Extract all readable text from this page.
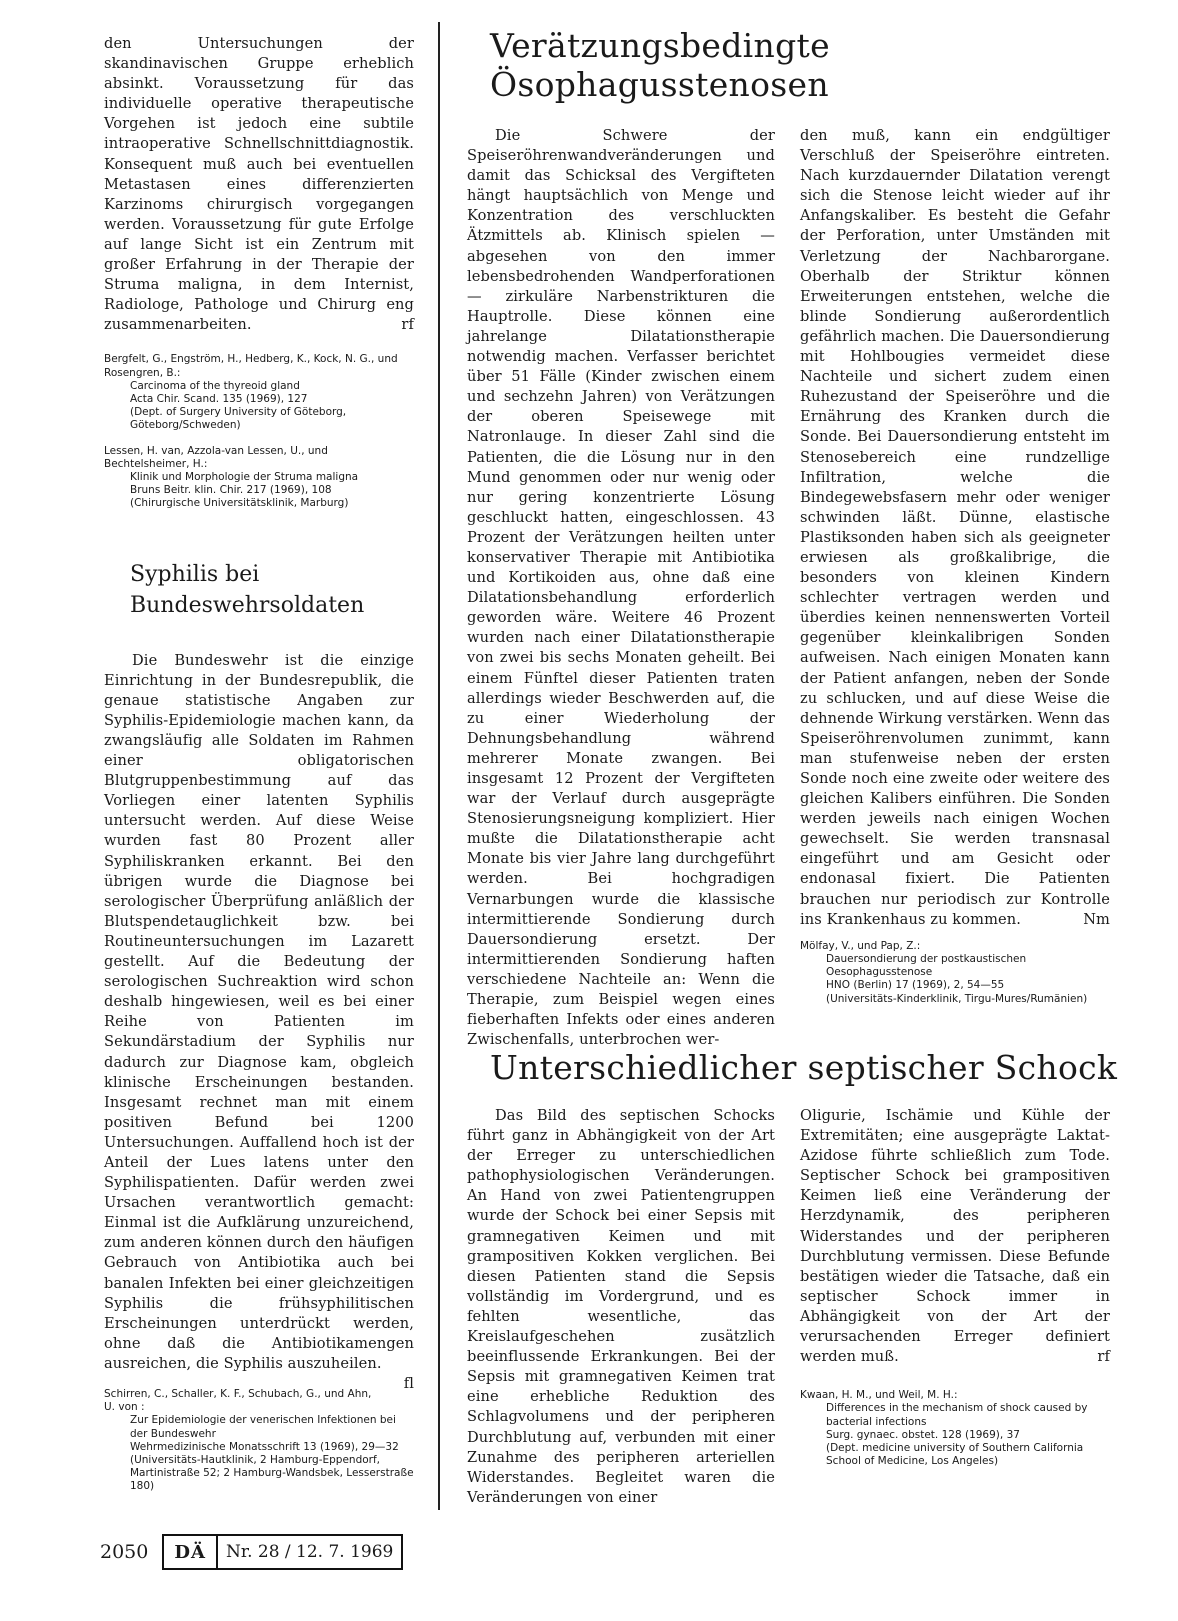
den Untersuchungen der skandinavischen Gruppe erheblich absinkt. Voraussetzung für das individuelle operative therapeutische Vorgehen ist jedoch eine subtile intraoperative Schnellschnittdiagnostik. Konsequent muß auch bei eventuellen Metastasen eines differenzierten Karzinoms chirurgisch vorgegangen werden. Voraussetzung für gute Erfolge auf lange Sicht ist ein Zentrum mit großer Erfahrung in der Therapie der Struma maligna, in dem Internist, Radiologe, Pathologe und Chirurg eng zusammenarbeiten.	rf

Bergfelt, G., Engström, H., Hedberg, K., Kock, N. G., und Rosengren, B.:

Carcinoma of the thyreoid gland

Acta Chir. Scand. 135 (1969), 127

(Dept. of Surgery University of Göteborg, Göteborg/Schweden)

Lessen, H. van, Azzola-van Lessen, U., und Bechtelsheimer, H.:

Klinik und Morphologie der Struma maligna

Bruns Beitr. klin. Chir. 217 (1969), 108

(Chirurgische Universitätsklinik, Marburg)

Syphilis bei
Bundeswehrsoldaten

Die Bundeswehr ist die einzige Einrichtung in der Bundesrepublik, die genaue statistische Angaben zur Syphilis-Epidemiologie machen kann, da zwangsläufig alle Soldaten im Rahmen einer obligatorischen Blutgruppenbestimmung auf das Vorliegen einer latenten Syphilis untersucht werden. Auf diese Weise wurden fast 80 Prozent aller Syphiliskranken erkannt. Bei den übrigen wurde die Diagnose bei serologischer Überprüfung anläßlich der Blutspendetauglichkeit bzw. bei Routineuntersuchungen im Lazarett gestellt. Auf die Bedeutung der serologischen Suchreaktion wird schon deshalb hingewiesen, weil es bei einer Reihe von Patienten im Sekundärstadium der Syphilis nur dadurch zur Diagnose kam, obgleich klinische Erscheinungen bestanden. Insgesamt rechnet man mit einem positiven Befund bei 1200 Untersuchungen. Auffallend hoch ist der Anteil der Lues latens unter den Syphilispatienten. Dafür werden zwei Ursachen verantwortlich gemacht: Einmal ist die Aufklärung unzureichend, zum anderen können durch den häufigen Gebrauch von Antibiotika auch bei banalen Infekten bei einer gleichzeitigen Syphilis die frühsyphilitischen Erscheinungen unterdrückt werden, ohne daß die Antibiotikamengen ausreichen, die Syphilis auszuheilen.
fl

Schirren, C., Schaller, K. F., Schubach, G., und Ahn, U. von :

Zur Epidemiologie der venerischen Infektionen bei der Bundeswehr

Wehrmedizinische Monatsschrift 13 (1969), 29—32

(Universitäts-Hautklinik, 2 Hamburg-Eppendorf, Martinistraße 52; 2 Hamburg-Wandsbek, Lesserstraße 180)

Verätzungsbedingte
Ösophagusstenosen

Die Schwere der Speiseröhrenwandveränderungen und damit das Schicksal des Vergifteten hängt hauptsächlich von Menge und Konzentration des verschluckten Ätzmittels ab. Klinisch spielen — abgesehen von den immer lebensbedrohenden Wandperforationen — zirkuläre Narbenstrikturen die Hauptrolle. Diese können eine jahrelange Dilatationstherapie notwendig machen. Verfasser berichtet über 51 Fälle (Kinder zwischen einem und sechzehn Jahren) von Verätzungen der oberen Speisewege mit Natronlauge. In dieser Zahl sind die Patienten, die die Lösung nur in den Mund genommen oder nur wenig oder nur gering konzentrierte Lösung geschluckt hatten, eingeschlossen. 43 Prozent der Verätzungen heilten unter konservativer Therapie mit Antibiotika und Kortikoiden aus, ohne daß eine Dilatationsbehandlung erforderlich geworden wäre. Weitere 46 Prozent wurden nach einer Dilatationstherapie von zwei bis sechs Monaten geheilt. Bei einem Fünftel dieser Patienten traten allerdings wieder Beschwerden auf, die zu einer Wiederholung der Dehnungsbehandlung während mehrerer Monate zwangen. Bei insgesamt 12 Prozent der Vergifteten war der Verlauf durch ausgeprägte Stenosierungsneigung kompliziert. Hier mußte die Dilatationstherapie acht Monate bis vier Jahre lang durchgeführt werden. Bei hochgradigen Vernarbungen wurde die klassische intermittierende Sondierung durch Dauersondierung ersetzt. Der intermittierenden Sondierung haften verschiedene Nachteile an: Wenn die Therapie, zum Beispiel wegen eines fieberhaften Infekts oder eines anderen Zwischenfalls, unterbrochen wer-

den muß, kann ein endgültiger Verschluß der Speiseröhre eintreten. Nach kurzdauernder Dilatation verengt sich die Stenose leicht wieder auf ihr Anfangskaliber. Es besteht die Gefahr der Perforation, unter Umständen mit Verletzung der Nachbarorgane. Oberhalb der Striktur können Erweiterungen entstehen, welche die blinde Sondierung außerordentlich gefährlich machen. Die Dauersondierung mit Hohlbougies vermeidet diese Nachteile und sichert zudem einen Ruhezustand der Speiseröhre und die Ernährung des Kranken durch die Sonde. Bei Dauersondierung entsteht im Stenosebereich eine rundzellige Infiltration, welche die Bindegewebsfasern mehr oder weniger schwinden läßt. Dünne, elastische Plastiksonden haben sich als geeigneter erwiesen als großkalibrige, die besonders von kleinen Kindern schlechter vertragen werden und überdies keinen nennenswerten Vorteil gegenüber kleinkalibrigen Sonden aufweisen. Nach einigen Monaten kann der Patient anfangen, neben der Sonde zu schlucken, und auf diese Weise die dehnende Wirkung verstärken. Wenn das Speiseröhrenvolumen zunimmt, kann man stufenweise neben der ersten Sonde noch eine zweite oder weitere des gleichen Kalibers einführen. Die Sonden werden jeweils nach einigen Wochen gewechselt. Sie werden transnasal eingeführt und am Gesicht oder endonasal fixiert. Die Patienten brauchen nur periodisch zur Kontrolle ins Krankenhaus zu kommen.	Nm

Mölfay, V., und Pap, Z.:

Dauersondierung der postkaustischen Oesophagusstenose

HNO (Berlin) 17 (1969), 2, 54—55

(Universitäts-Kinderklinik, Tirgu-Mures/Rumänien)

Unterschiedlicher septischer Schock

Das Bild des septischen Schocks führt ganz in Abhängigkeit von der Art der Erreger zu unterschiedlichen pathophysiologischen Veränderungen. An Hand von zwei Patientengruppen wurde der Schock bei einer Sepsis mit gramnegativen Keimen und mit grampositiven Kokken verglichen. Bei diesen Patienten stand die Sepsis vollständig im Vordergrund, und es fehlten wesentliche, das Kreislaufgeschehen zusätzlich beeinflussende Erkrankungen. Bei der Sepsis mit gramnegativen Keimen trat eine erhebliche Reduktion des Schlagvolumens und der peripheren Durchblutung auf, verbunden mit einer Zunahme des peripheren arteriellen Widerstandes. Begleitet waren die Veränderungen von einer

Oligurie, Ischämie und Kühle der Extremitäten; eine ausgeprägte Laktat-Azidose führte schließlich zum Tode. Septischer Schock bei grampositiven Keimen ließ eine Veränderung der Herzdynamik, des peripheren Widerstandes und der peripheren Durchblutung vermissen. Diese Befunde bestätigen wieder die Tatsache, daß ein septischer Schock immer in Abhängigkeit von der Art der verursachenden Erreger definiert werden muß.	rf

Kwaan, H. M., und Weil, M. H.:

Differences in the mechanism of shock caused by bacterial infections

Surg. gynaec. obstet. 128 (1969), 37

(Dept. medicine university of Southern California School of Medicine, Los Angeles)

2050	DÄ	Nr. 28 / 12. 7. 1969
